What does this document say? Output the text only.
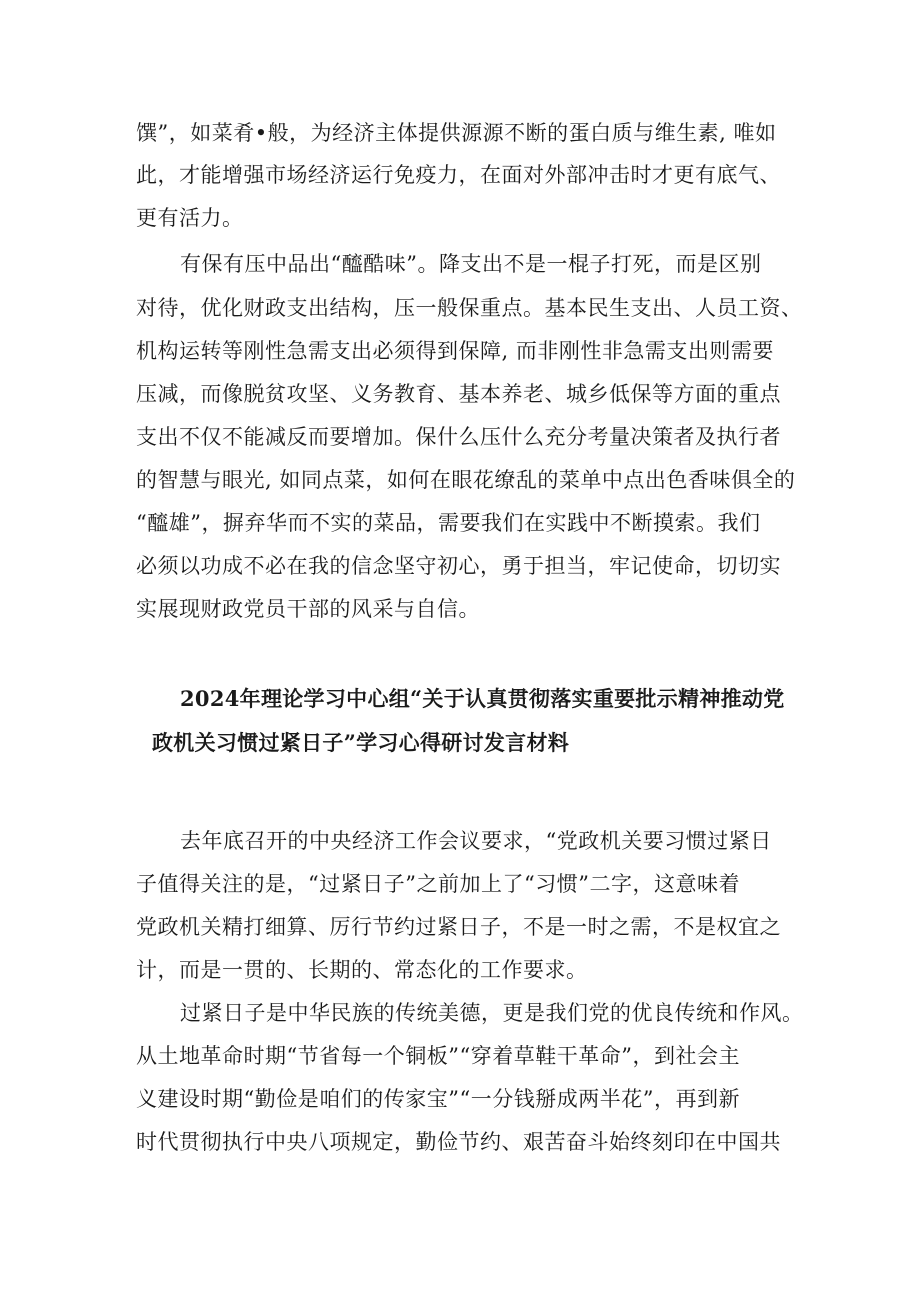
馔”，如菜肴•般，为经济主体提供源源不断的蛋白质与维生素, 唯如
此，才能增强市场经济运行免疫力，在面对外部冲击时才更有底气、
更有活力。
有保有压中品出“醯酷味”。降支出不是一棍子打死，而是区别
对待，优化财政支出结构，压一般保重点。基本民生支出、人员工资、
机构运转等刚性急需支出必须得到保障, 而非刚性非急需支出则需要
压减，而像脱贫攻坚、义务教育、基本养老、城乡低保等方面的重点
支出不仅不能减反而要增加。保什么压什么充分考量决策者及执行者
的智慧与眼光, 如同点菜，如何在眼花缭乱的菜单中点出色香味俱全的
“醯雄”，摒弃华而不实的菜品，需要我们在实践中不断摸索。我们
必须以功成不必在我的信念坚守初心，勇于担当，牢记使命，切切实
实展现财政党员干部的风采与自信。
2024年理论学习中心组“关于认真贯彻落实重要批示精神推动党
政机关习惯过紧日子”学习心得研讨发言材料
去年底召开的中央经济工作会议要求，“党政机关要习惯过紧日
子值得关注的是，“过紧日子”之前加上了“习惯”二字，这意味着
党政机关精打细算、厉行节约过紧日子，不是一时之需，不是权宜之
计，而是一贯的、长期的、常态化的工作要求。
过紧日子是中华民族的传统美德，更是我们党的优良传统和作风。
从土地革命时期“节省每一个铜板”“穿着草鞋干革命”，到社会主
义建设时期“勤俭是咱们的传家宝”“一分钱掰成两半花”，再到新
时代贯彻执行中央八项规定，勤俭节约、艰苦奋斗始终刻印在中国共
